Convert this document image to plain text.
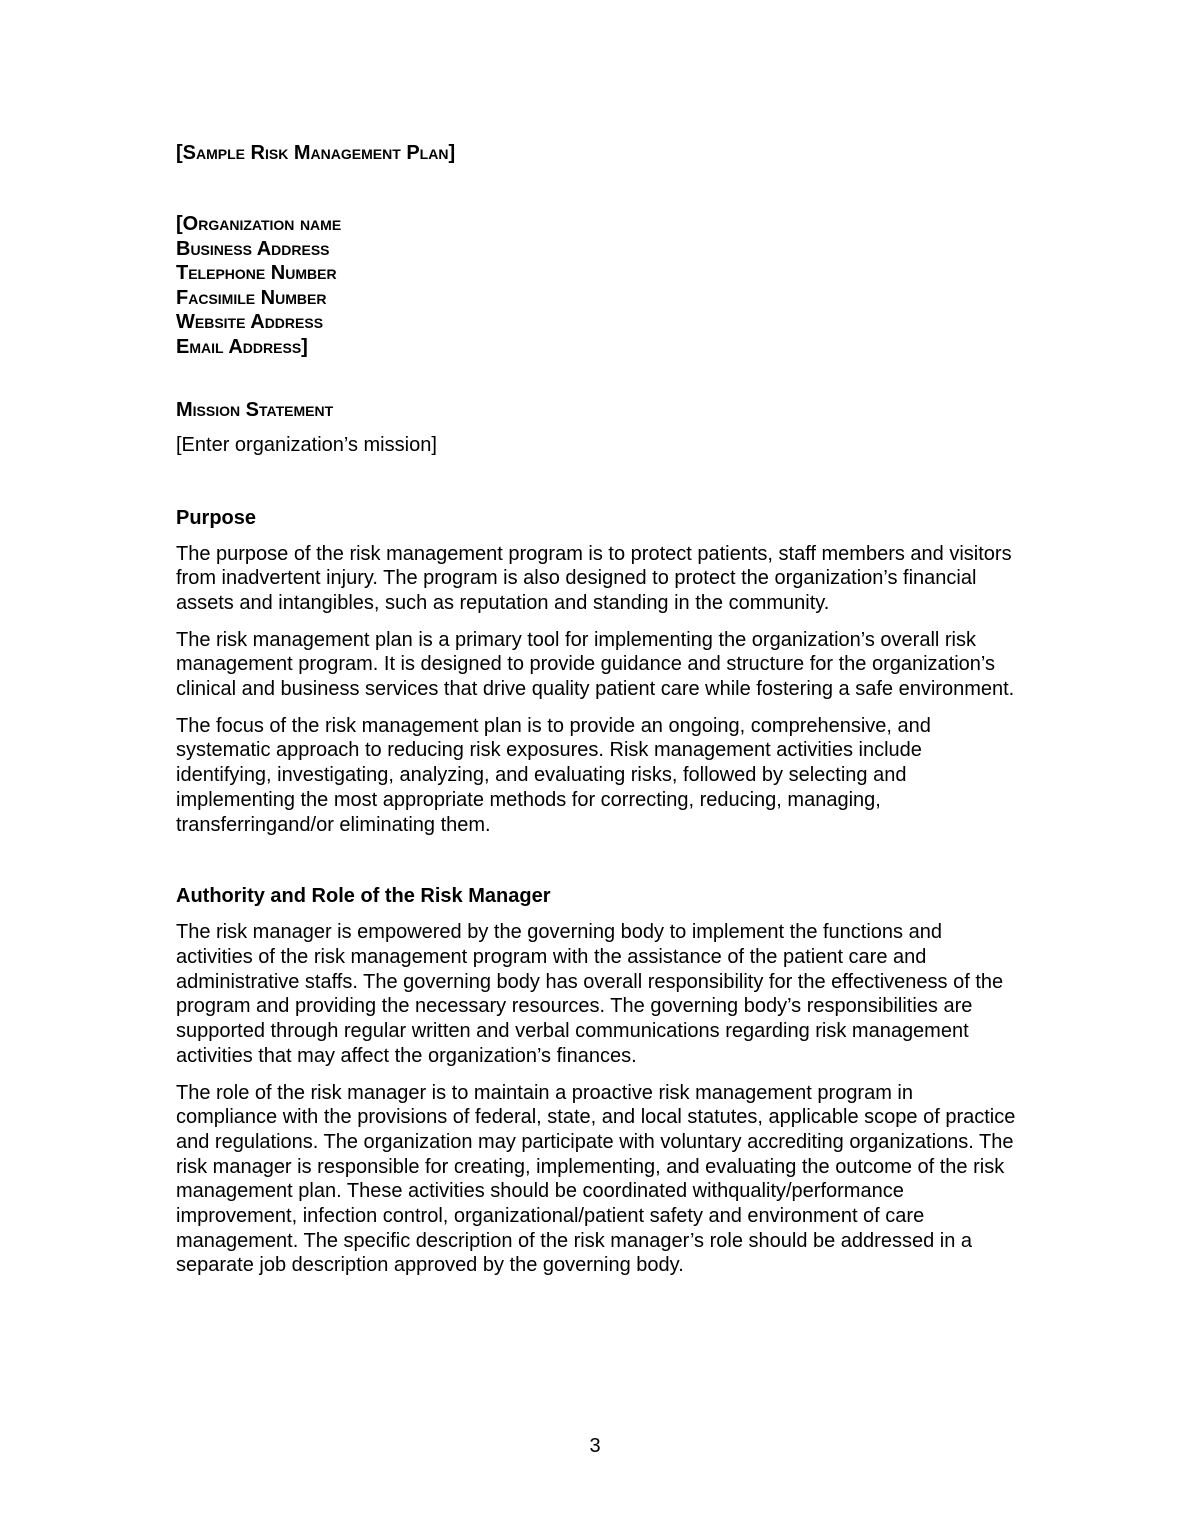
[Sample Risk Management Plan]
[Organization name
Business Address
Telephone Number
Facsimile Number
Website Address
Email Address]
Mission Statement
[Enter organization’s mission]
Purpose

The purpose of the risk management program is to protect patients, staff members and visitors from inadvertent injury. The program is also designed to protect the organization’s financial assets and intangibles, such as reputation and standing in the community.

The risk management plan is a primary tool for implementing the organization’s overall risk management program. It is designed to provide guidance and structure for the organization’s clinical and business services that drive quality patient care while fostering a safe environment.

The focus of the risk management plan is to provide an ongoing, comprehensive, and systematic approach to reducing risk exposures. Risk management activities include identifying, investigating, analyzing, and evaluating risks, followed by selecting and implementing the most appropriate methods for correcting, reducing, managing, transferringand/or eliminating them.

Authority and Role of the Risk Manager

The risk manager is empowered by the governing body to implement the functions and activities of the risk management program with the assistance of the patient care and administrative staffs. The governing body has overall responsibility for the effectiveness of the program and providing the necessary resources. The governing body’s responsibilities are supported through regular written and verbal communications regarding risk management activities that may affect the organization’s finances.

The role of the risk manager is to maintain a proactive risk management program in compliance with the provisions of federal, state, and local statutes, applicable scope of practice and regulations. The organization may participate with voluntary accrediting organizations. The risk manager is responsible for creating, implementing, and evaluating the outcome of the risk management plan. These activities should be coordinated withquality/performance improvement, infection control, organizational/patient safety and environment of care management. The specific description of the risk manager’s role should be addressed in a separate job description approved by the governing body.

3
